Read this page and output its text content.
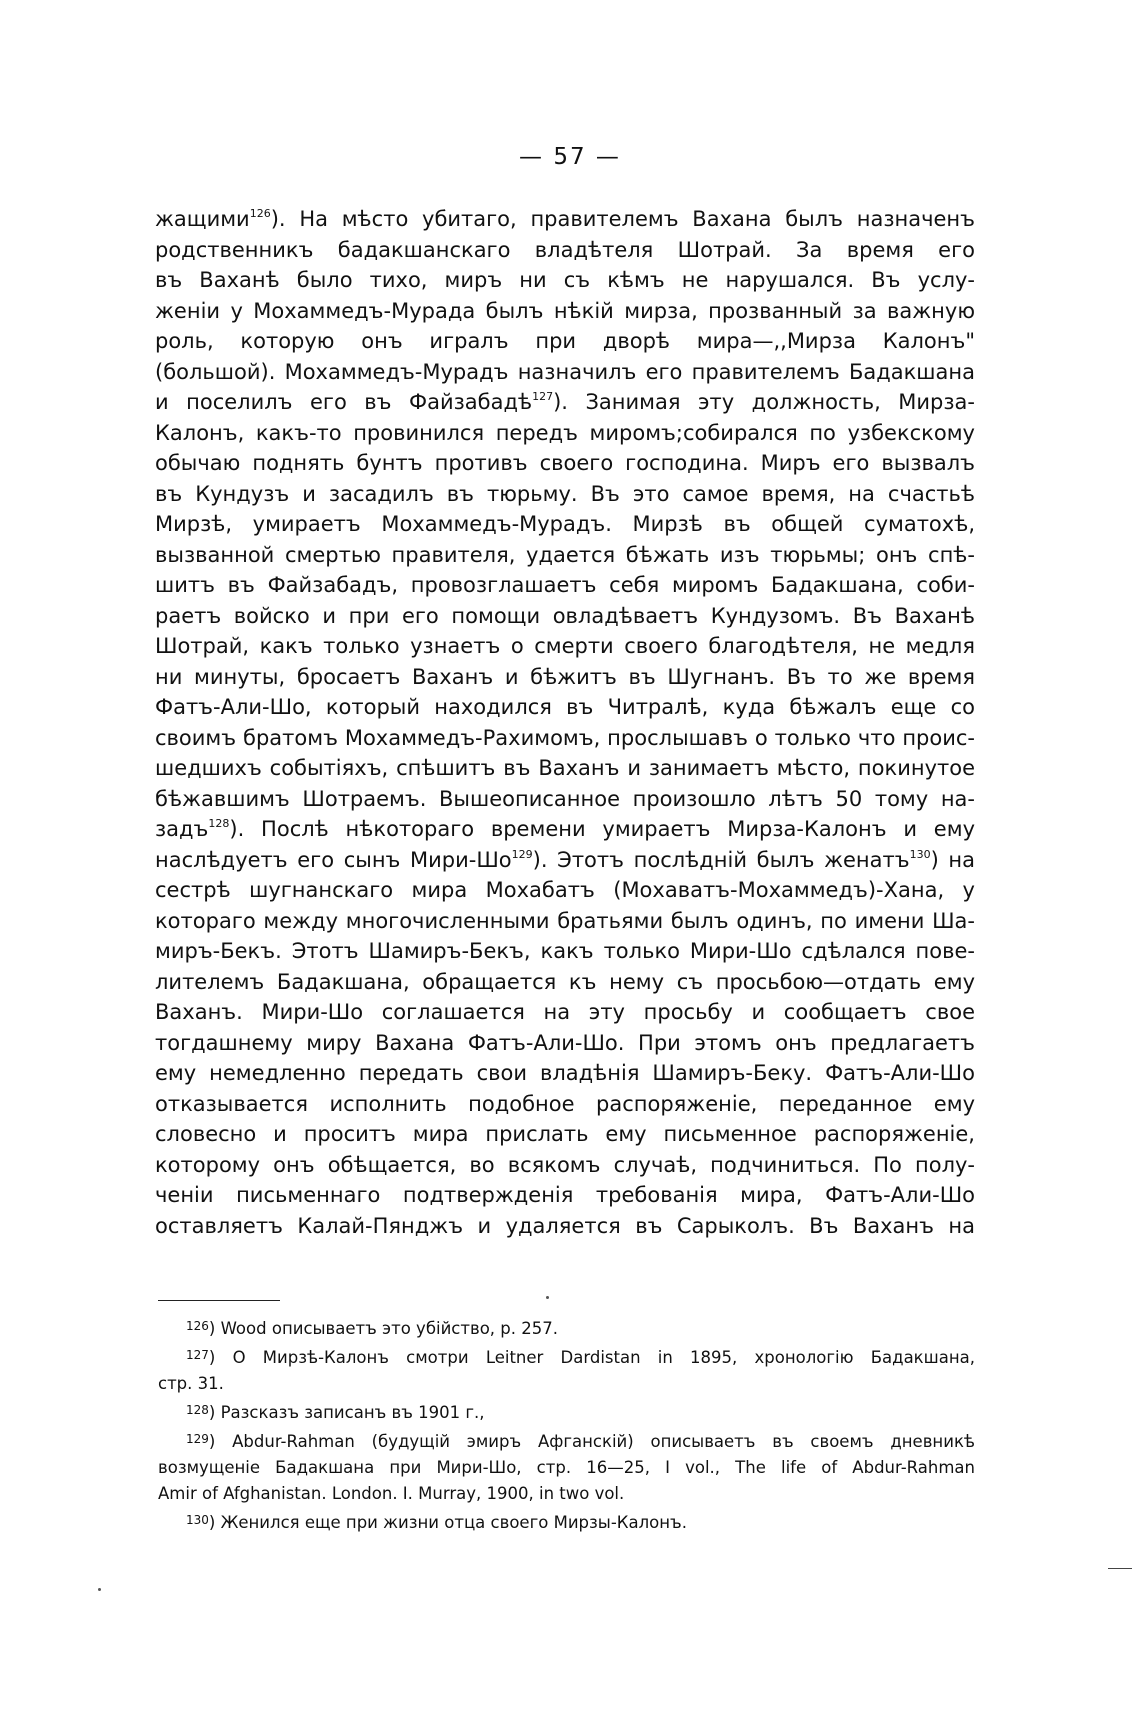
— 57 —
жащими$^{126}$). На мѣсто убитаго, правителемъ Вахана былъ назначенъ
родственникъ бадакшанскаго владѣтеля Шотрай. За время его
въ Ваханѣ было тихо, миръ ни съ кѣмъ не нарушался. Въ услу-
женіи у Мохаммедъ-Мурада былъ нѣкій мирза, прозванный за важную
роль, которую онъ игралъ при дворѣ мира—,,Мирза Калонъ"
(большой). Мохаммедъ-Мурадъ назначилъ его правителемъ Бадакшана
и поселилъ его въ Файзабадѣ$^{127}$). Занимая эту должность, Мирза-
Калонъ, какъ-то провинился передъ миромъ;собирался по узбекскому
обычаю поднять бунтъ противъ своего господина. Миръ его вызвалъ
въ Кундузъ и засадилъ въ тюрьму. Въ это самое время, на счастьѣ
Мирзѣ, умираетъ Мохаммедъ-Мурадъ. Мирзѣ въ общей суматохѣ,
вызванной смертью правителя, удается бѣжать изъ тюрьмы; онъ спѣ-
шитъ въ Файзабадъ, провозглашаетъ себя миромъ Бадакшана, соби-
раетъ войско и при его помощи овладѣваетъ Кундузомъ. Въ Ваханѣ
Шотрай, какъ только узнаетъ о смерти своего благодѣтеля, не медля
ни минуты, бросаетъ Ваханъ и бѣжитъ въ Шугнанъ. Въ то же время
Фатъ-Али-Шо, который находился въ Читралѣ, куда бѣжалъ еще со
своимъ братомъ Мохаммедъ-Рахимомъ, прослышавъ о только что проис-
шедшихъ событіяхъ, спѣшитъ въ Ваханъ и занимаетъ мѣсто, покинутое
бѣжавшимъ Шотраемъ. Вышеописанное произошло лѣтъ 50 тому на-
задъ$^{128}$). Послѣ нѣкотораго времени умираетъ Мирза-Калонъ и ему
наслѣдуетъ его сынъ Мири-$Шо^{129}$). Этотъ послѣдній былъ женатъ$^{130}$) на
сестрѣ шугнанскаго мира Мохабатъ (Мохаватъ-Мохаммедъ)-Хана, у
котораго между многочисленными братьями былъ одинъ, по имени Ша-
миръ-Бекъ. Этотъ Шамиръ-Бекъ, какъ только Мири-Шо сдѣлался пове-
лителемъ Бадакшана, обращается къ нему съ просьбою—отдать ему
Ваханъ. Мири-Шо соглашается на эту просьбу и сообщаетъ свое
тогдашнему миру Вахана Фатъ-Али-Шо. При этомъ онъ предлагаетъ
ему немедленно передать свои владѣнія Шамиръ-Беку. Фатъ-Али-Шо
отказывается исполнить подобное распоряженіе, переданное ему
словесно и проситъ мира прислать ему письменное распоряженіе,
которому онъ обѣщается, во всякомъ случаѣ, подчиниться. По полу-
ченіи письменнаго подтвержденія требованія мира, Фатъ-Али-Шо
оставляетъ Калай-Пянджъ и удаляется въ Сарыколъ. Въ Ваханъ на
$^{126}$) Wood описываетъ это убійство, р. 257.
$^{127}$) О Мирзѣ-Калонъ смотри Leitner Dardistan in 1895, хронологію Бадакшана,
стр. 31.
$^{128}$) Разсказъ записанъ въ 1901 г.,
$^{129}$) Abdur-Rahman (будущій эмиръ Афганскій) описываетъ въ своемъ дневникѣ
возмущеніе Бадакшана при Мири-Шо, стр. 16—25, I vol., The life of Abdur-Rahman
Amir of Afghanistan. London. I. Murray, 1900, in two vol.
$^{130}$) Женился еще при жизни отца своего Мирзы-Калонъ.
